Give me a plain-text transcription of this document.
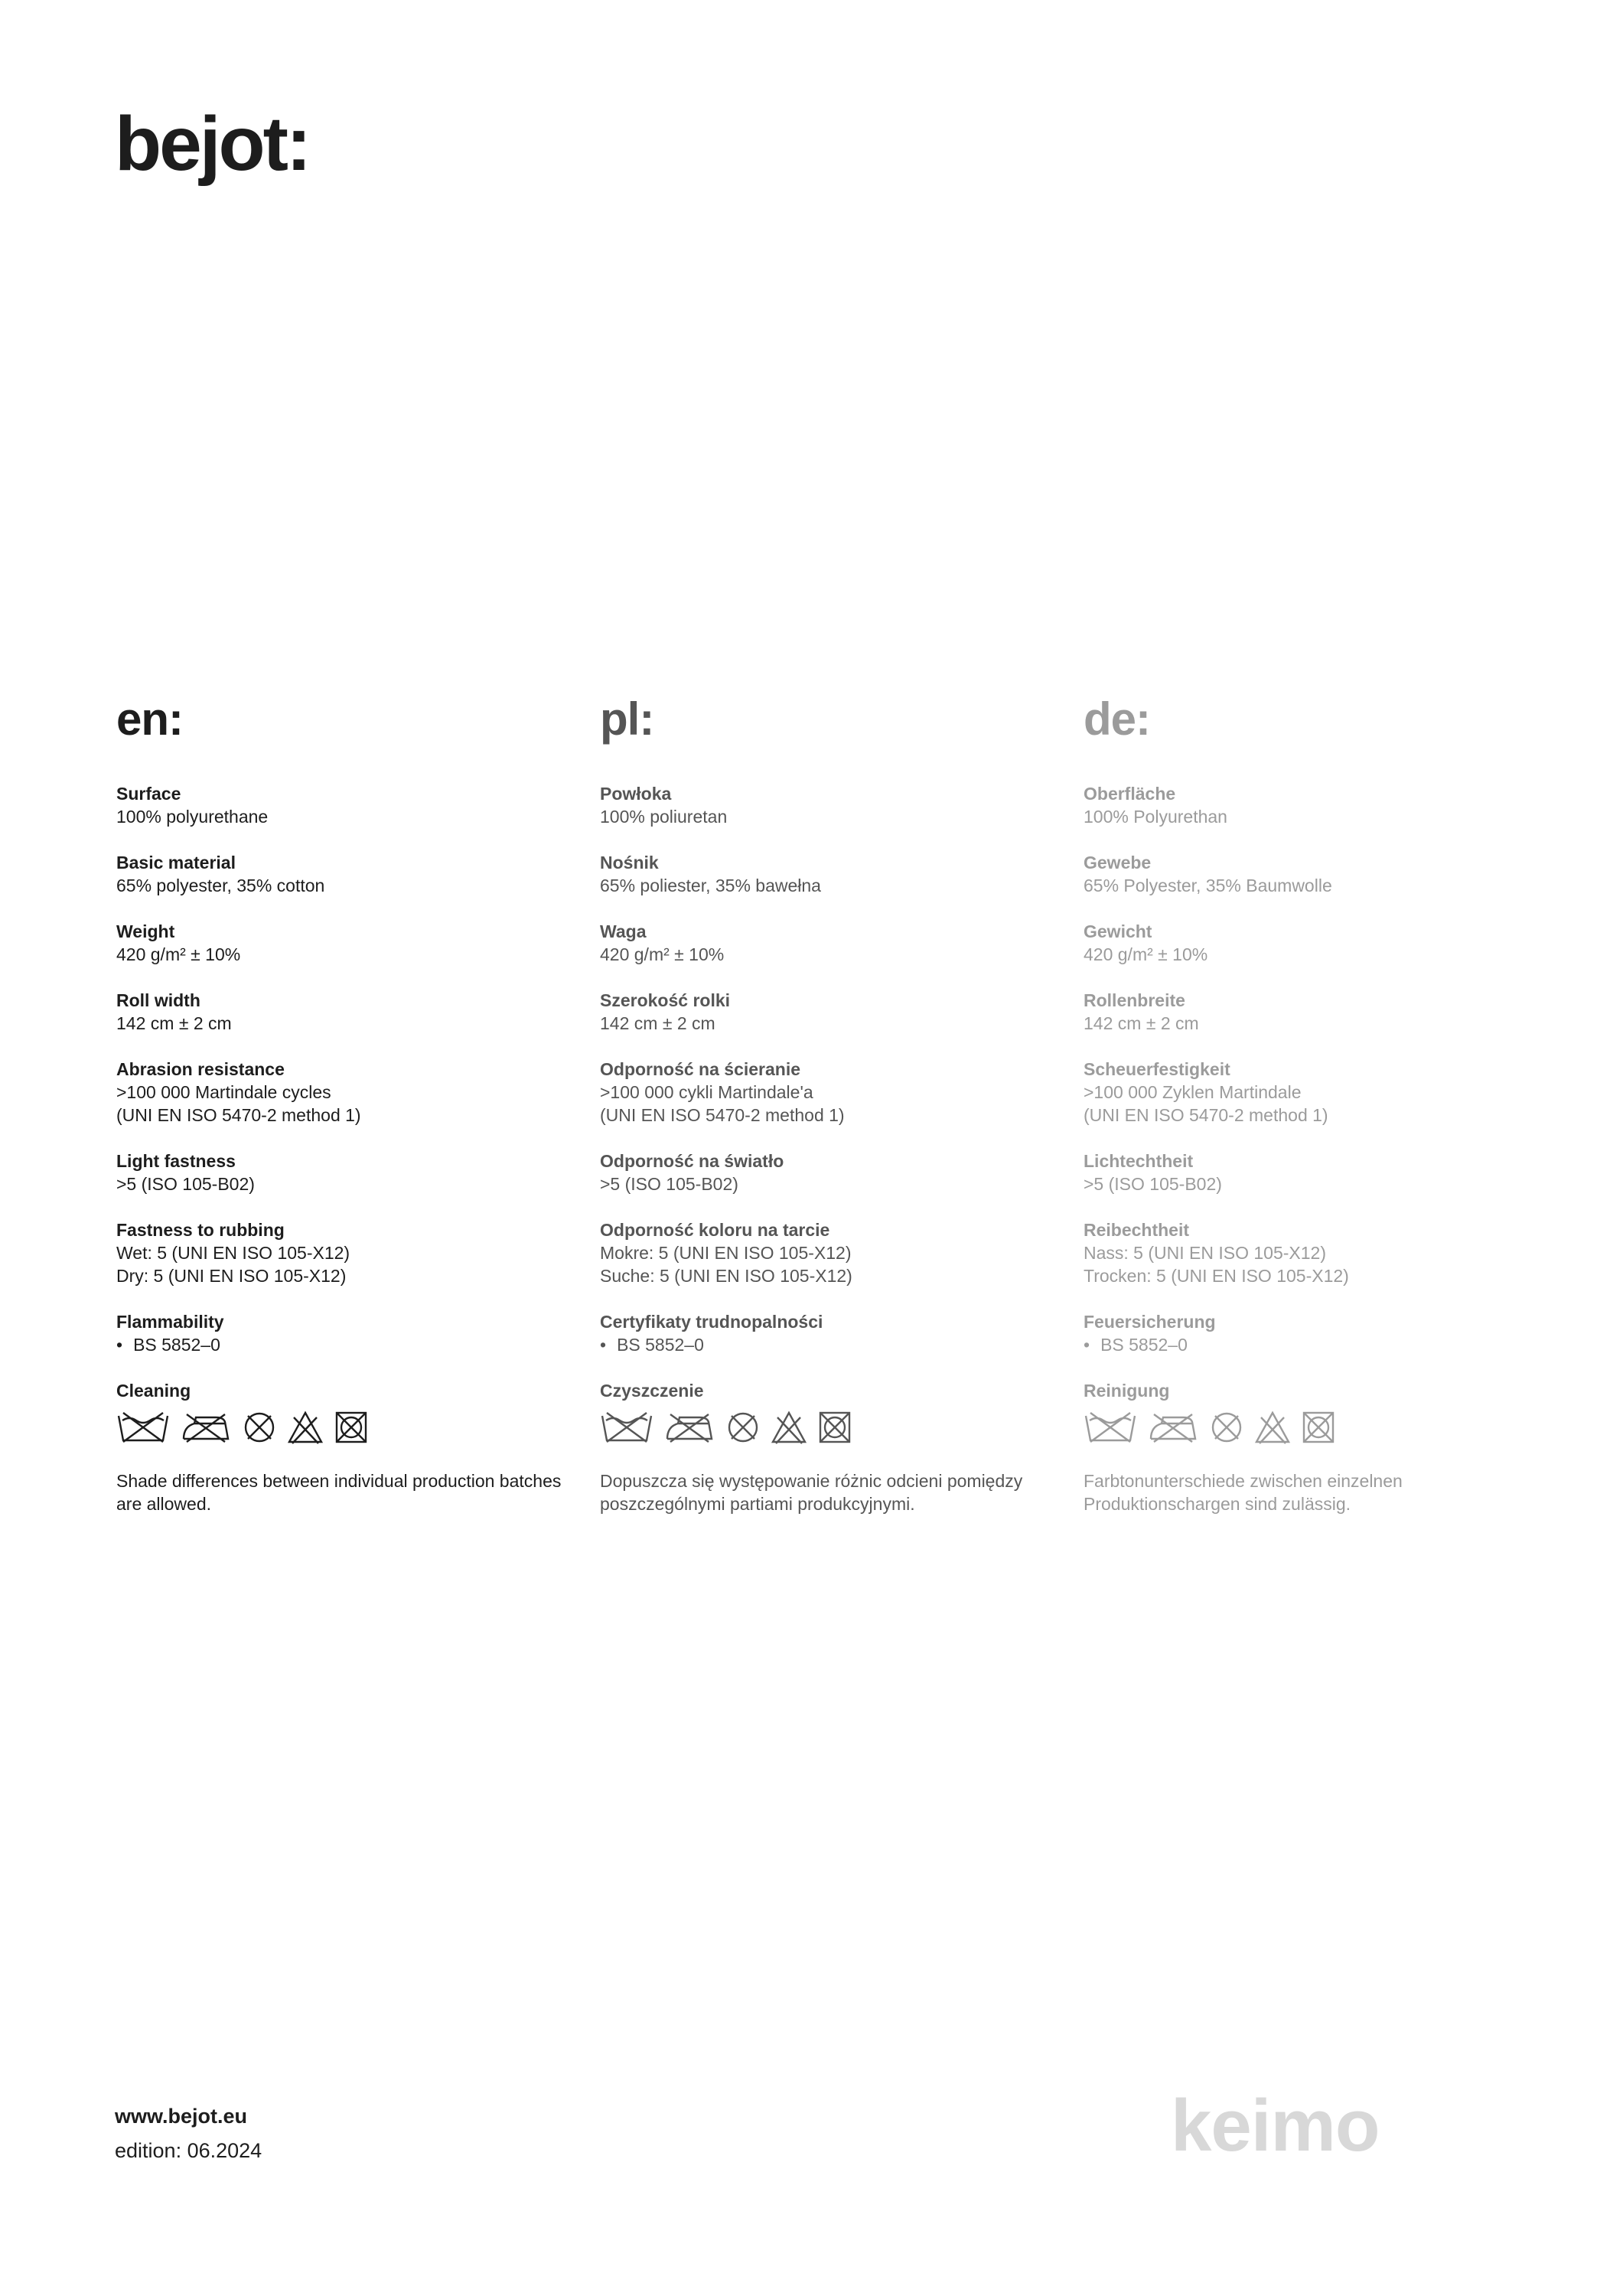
bejot:
en:
Surface
100% polyurethane
Basic material
65% polyester, 35% cotton
Weight
420 g/m² ± 10%
Roll width
142 cm ± 2 cm
Abrasion resistance
>100 000 Martindale cycles
(UNI EN ISO 5470-2 method 1)
Light fastness
>5 (ISO 105-B02)
Fastness to rubbing
Wet: 5 (UNI EN ISO 105-X12)
Dry: 5 (UNI EN ISO 105-X12)
Flammability
• BS 5852–0
Cleaning
Shade differences between individual production batches are allowed.
pl:
Powłoka
100% poliuretan
Nośnik
65% poliester, 35% bawełna
Waga
420 g/m² ± 10%
Szerokość rolki
142 cm ± 2 cm
Odporność na ścieranie
>100 000 cykli Martindale'a
(UNI EN ISO 5470-2 method 1)
Odporność na światło
>5 (ISO 105-B02)
Odporność koloru na tarcie
Mokre: 5 (UNI EN ISO 105-X12)
Suche: 5 (UNI EN ISO 105-X12)
Certyfikaty trudnopalności
• BS 5852–0
Czyszczenie
Dopuszcza się występowanie różnic odcieni pomiędzy poszczególnymi partiami produkcyjnymi.
de:
Oberfläche
100% Polyurethan
Gewebe
65% Polyester, 35% Baumwolle
Gewicht
420 g/m² ± 10%
Rollenbreite
142 cm ± 2 cm
Scheuerfestigkeit
>100 000 Zyklen Martindale
(UNI EN ISO 5470-2 method 1)
Lichtechtheit
>5 (ISO 105-B02)
Reibechtheit
Nass: 5 (UNI EN ISO 105-X12)
Trocken: 5 (UNI EN ISO 105-X12)
Feuersicherung
• BS 5852–0
Reinigung
Farbtonunterschiede zwischen einzelnen Produktionschargen sind zulässig.
www.bejot.eu
edition: 06.2024	keimo
